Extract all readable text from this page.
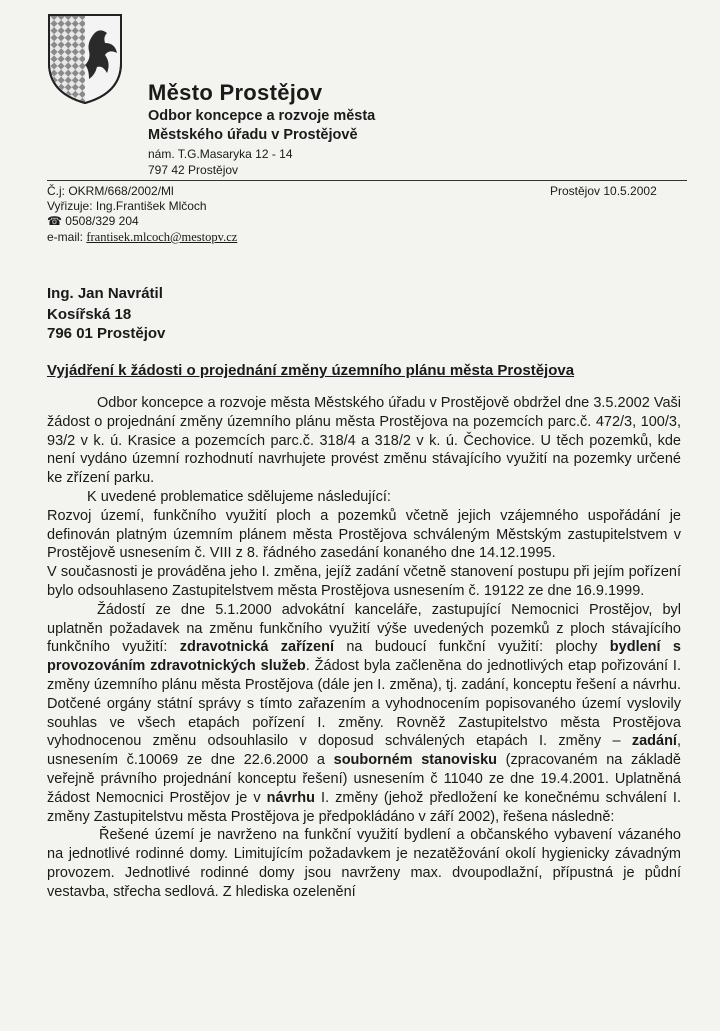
Město Prostějov
Odbor koncepce a rozvoje města
Městského úřadu v Prostějově
nám. T.G.Masaryka 12 - 14
797 42 Prostějov
Č.j: OKRM/668/2002/Ml
Vyřizuje: Ing.František Mlčoch
☎ 0508/329 204
e-mail: frantisek.mlcoch@mestopv.cz
Prostějov 10.5.2002
Ing. Jan Navrátil
Kosířská 18
796 01 Prostějov
Vyjádření k žádosti o projednání změny územního plánu města Prostějova

Odbor koncepce a rozvoje města Městského úřadu v Prostějově obdržel dne 3.5.2002 Vaši žádost o projednání změny územního plánu města Prostějova na pozemcích parc.č. 472/3, 100/3, 93/2 v k. ú. Krasice a pozemcích parc.č. 318/4 a 318/2 v k. ú. Čechovice. U těch pozemků, kde není vydáno územní rozhodnutí navrhujete provést změnu stávajícího využití na pozemky určené ke zřízení parku.

K uvedené problematice sdělujeme následující:

Rozvoj území, funkčního využití ploch a pozemků včetně jejich vzájemného uspořádání je definován platným územním plánem města Prostějova schváleným Městským zastupitelstvem v Prostějově usnesením č. VIII z 8. řádného zasedání konaného dne 14.12.1995.

V současnosti je prováděna jeho I. změna, jejíž zadání včetně stanovení postupu při jejím pořízení bylo odsouhlaseno Zastupitelstvem města Prostějova usnesením č. 19122 ze dne 16.9.1999.

Žádostí ze dne 5.1.2000 advokátní kanceláře, zastupující Nemocnici Prostějov, byl uplatněn požadavek na změnu funkčního využití výše uvedených pozemků z ploch stávajícího funkčního využití: zdravotnická zařízení na budoucí funkční využití: plochy bydlení s provozováním zdravotnických služeb. Žádost byla začleněna do jednotlivých etap pořizování I. změny územního plánu města Prostějova (dále jen I. změna), tj. zadání, konceptu řešení a návrhu. Dotčené orgány státní správy s tímto zařazením a vyhodnocením popisovaného území vyslovily souhlas ve všech etapách pořízení I. změny. Rovněž Zastupitelstvo města Prostějova vyhodnocenou změnu odsouhlasilo v doposud schválených etapách I. změny – zadání, usnesením č.10069 ze dne 22.6.2000 a souborném stanovisku (zpracovaném na základě veřejně právního projednání konceptu řešení) usnesením č 11040 ze dne 19.4.2001. Uplatněná žádost Nemocnici Prostějov je v návrhu I. změny (jehož předložení ke konečnému schválení I. změny Zastupitelstvu města Prostějova je předpokládáno v září 2002), řešena následně:

Řešené území je navrženo na funkční využití bydlení a občanského vybavení vázaného na jednotlivé rodinné domy. Limitujícím požadavkem je nezatěžování okolí hygienicky závadným provozem. Jednotlivé rodinné domy jsou navrženy max. dvoupodlažní, přípustná je půdní vestavba, střecha sedlová. Z hlediska ozelenění
